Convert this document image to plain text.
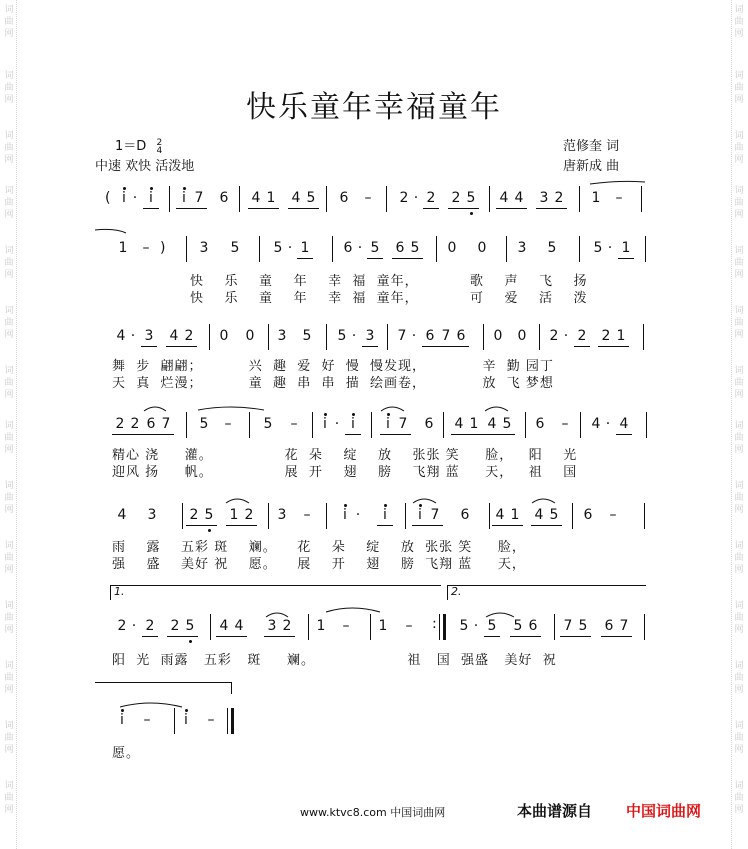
词
曲
网
词
曲
网
词
曲
网
词
曲
网
词
曲
网
词
曲
网
词
曲
网
词
曲
网
词
曲
网
词
曲
网
词
曲
网
词
曲
网
词
曲
网
词
曲
网
词
曲
网
词
曲
网
词
曲
网
词
曲
网
词
曲
网
词
曲
网
词
曲
网
词
曲
网
词
曲
网
词
曲
网
词
曲
网
词
曲
网
词
曲
网
词
曲
网
快乐童年幸福童年
1＝D 2
4
中速 欢快 活泼地
范修奎 词
唐新成 曲
( i · i i 7 6 4 1 4 5 6 – 2 · 2 2 5 4 4 3 2 1 –
1 – ) 3 5 5 · 1 6 · 5 6 5 0 0 3 5	5 · 1
4 · 3 4 2 0 0 3 5 5 · 3 7 · 6 7 6 0 0 2 · 2 2 1
2 2 6 7 5 – 5 – i · i i 7 6 4 1 4 5 6 – 4 · 4
4 3 2 5 1 2 3 – i · i i 7 6 4 1 4 5 6 –
2 · 2 2 5 4 4 3 2 1 – 1 – : 5 · 5 5 6 7 5 6 7
i – i –
1.	2.
www.ktvc8.com 中国词曲网	本曲谱源自 中国词曲网
快    乐    童    年    幸  福  童年，          歌    声    飞    扬
快    乐    童    年    幸  福  童年，          可    爱    活    泼
舞  步  翩翩；         兴  趣  爱  好  慢  慢发现，           辛  勤 园丁
天  真  烂漫；         童  趣  串  串  描  绘画卷，           放  飞 梦想
精心 浇     灌。              花  朵    绽    放    张张 笑     脸，   阳    光
迎风 扬     帆。              展  开    翅    膀    飞翔 蓝     天，   祖    国
雨    露    五彩 斑    斓。    花    朵    绽    放  张张 笑     脸，
强    盛    美好 祝    愿。    展    开    翅    膀  飞翔 蓝     天，
阳  光  雨露   五彩   斑     斓。                  祖   国  强盛   美好  祝
愿。
